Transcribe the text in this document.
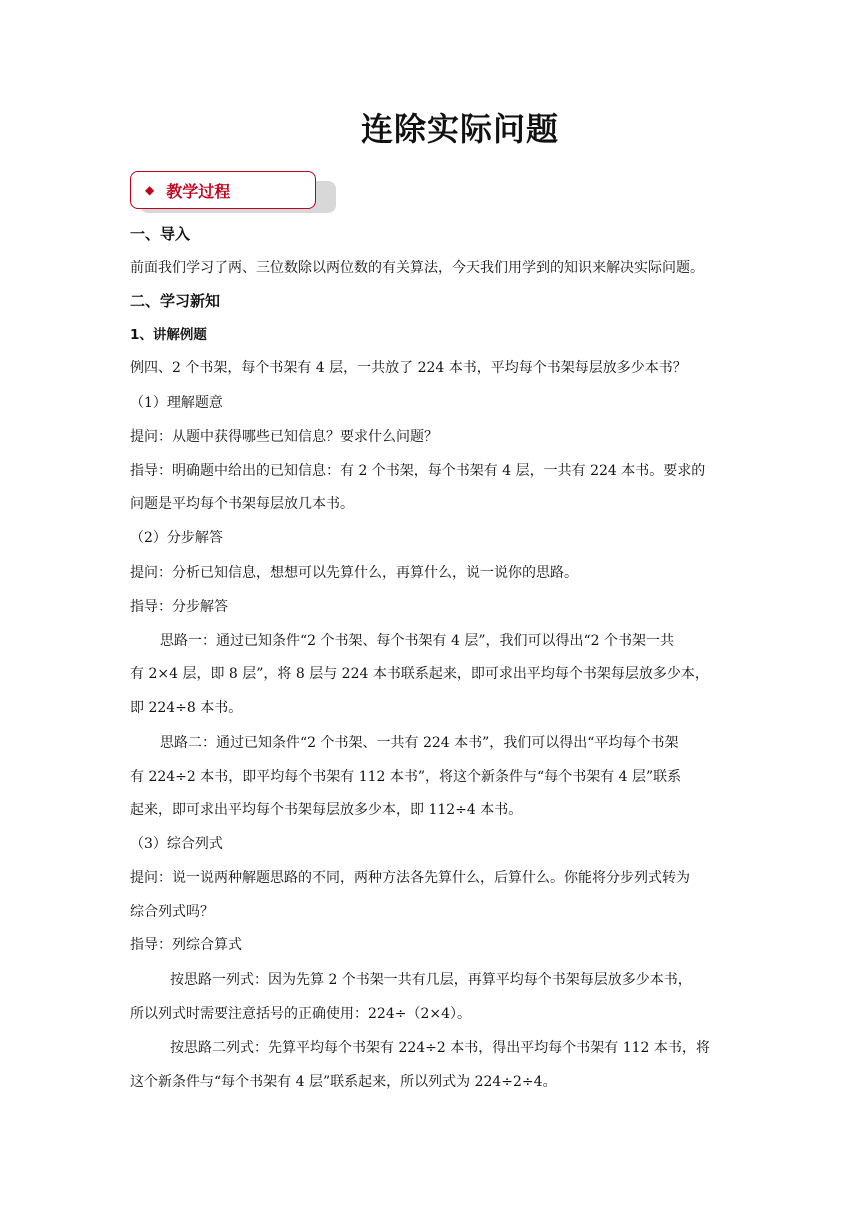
连除实际问题
◆ 教学过程
一、导入
前面我们学习了两、三位数除以两位数的有关算法，今天我们用学到的知识来解决实际问题。
二、学习新知
1、讲解例题
例四、2 个书架，每个书架有 4 层，一共放了 224 本书，平均每个书架每层放多少本书？
（1）理解题意
提问：从题中获得哪些已知信息？要求什么问题？
指导：明确题中给出的已知信息：有 2 个书架，每个书架有 4 层，一共有 224 本书。要求的
问题是平均每个书架每层放几本书。
（2）分步解答
提问：分析已知信息，想想可以先算什么，再算什么，说一说你的思路。
指导：分步解答
思路一：通过已知条件“2 个书架、每个书架有 4 层”，我们可以得出“2 个书架一共
有 2×4 层，即 8 层”，将 8 层与 224 本书联系起来，即可求出平均每个书架每层放多少本，
即 224÷8 本书。
思路二：通过已知条件“2 个书架、一共有 224 本书”，我们可以得出“平均每个书架
有 224÷2 本书，即平均每个书架有 112 本书”，将这个新条件与“每个书架有 4 层”联系
起来，即可求出平均每个书架每层放多少本，即 112÷4 本书。
（3）综合列式
提问：说一说两种解题思路的不同，两种方法各先算什么，后算什么。你能将分步列式转为
综合列式吗？
指导：列综合算式
按思路一列式：因为先算 2 个书架一共有几层，再算平均每个书架每层放多少本书，
所以列式时需要注意括号的正确使用：224÷（2×4）。
按思路二列式：先算平均每个书架有 224÷2 本书，得出平均每个书架有 112 本书，将
这个新条件与“每个书架有 4 层”联系起来，所以列式为 224÷2÷4。
